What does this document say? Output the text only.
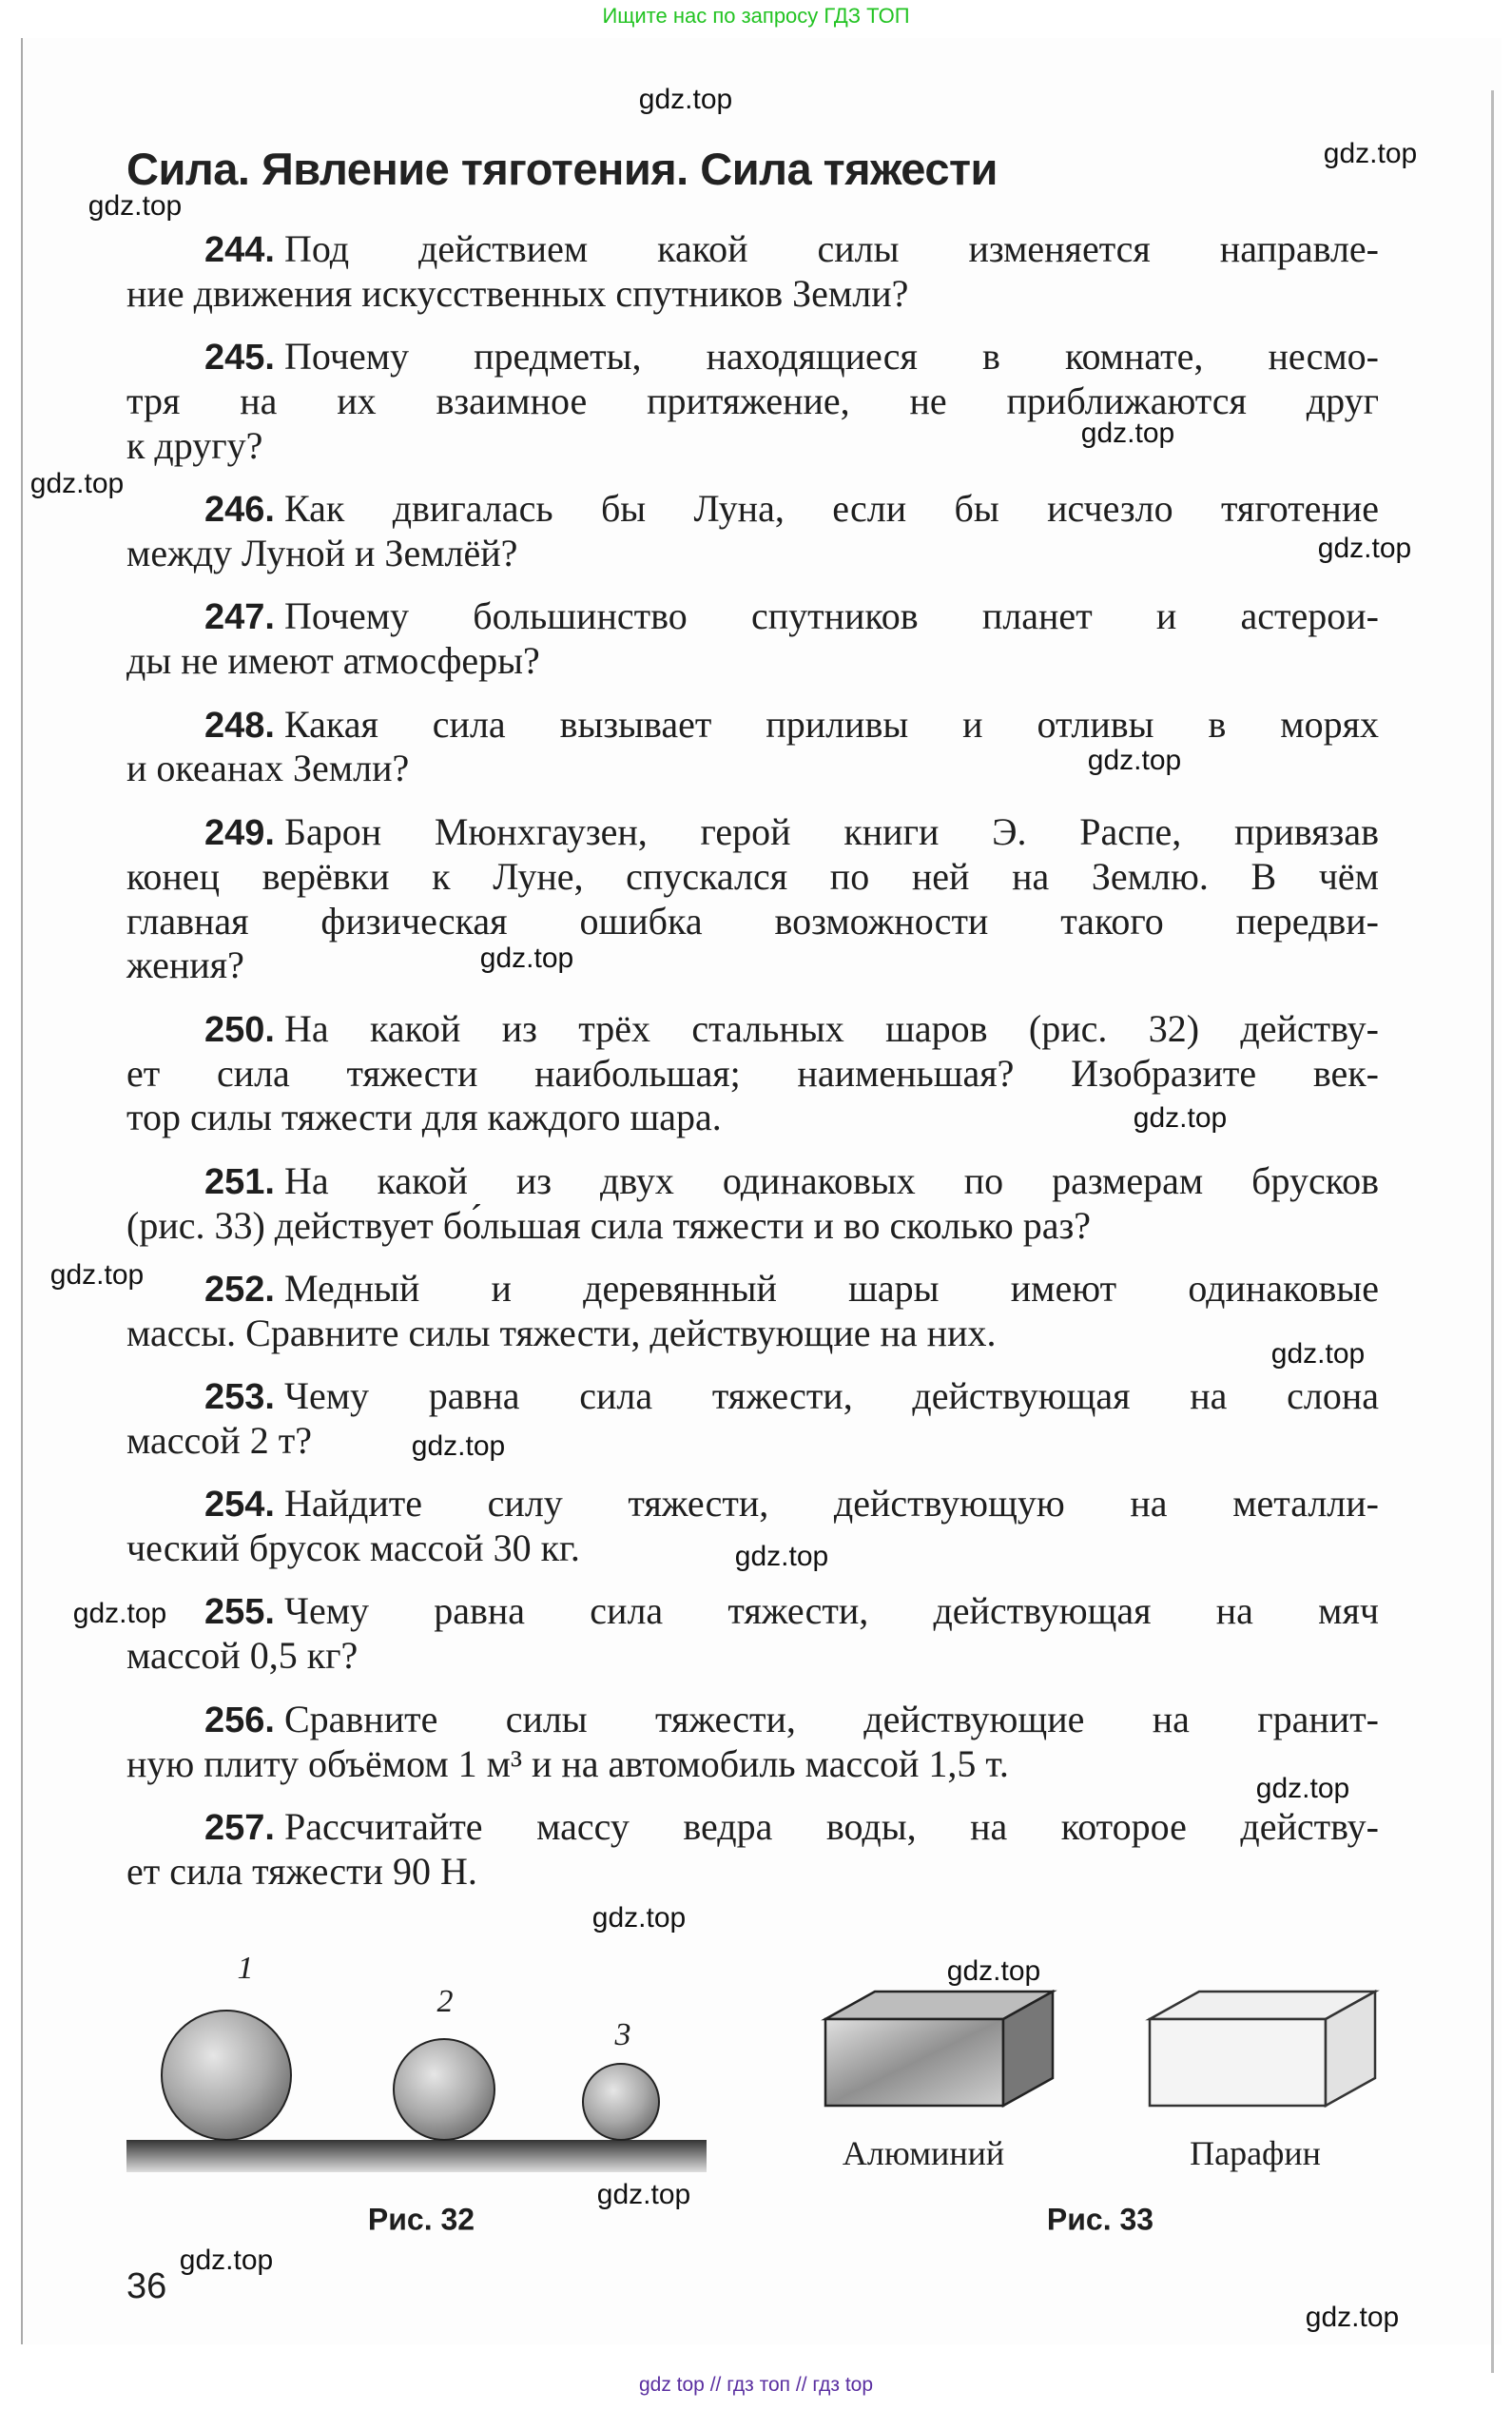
Ищите нас по запросу ГДЗ ТОП
Сила. Явление тяготения. Сила тяжести
244. Под действием какой силы изменяется направле-
ние движения искусственных спутников Земли?
245. Почему предметы, находящиеся в комнате, несмо-
тря на их взаимное притяжение, не приближаются друг
к другу?
246. Как двигалась бы Луна, если бы исчезло тяготение
между Луной и Землёй?
247. Почему большинство спутников планет и астерои-
ды не имеют атмосферы?
248. Какая сила вызывает приливы и отливы в морях
и океанах Земли?
249. Барон Мюнхгаузен, герой книги Э. Распе, привязав
конец верёвки к Луне, спускался по ней на Землю. В чём
главная физическая ошибка возможности такого передви-
жения?
250. На какой из трёх стальных шаров (рис. 32) действу-
ет сила тяжести наибольшая; наименьшая? Изобразите век-
тор силы тяжести для каждого шара.
251. На какой из двух одинаковых по размерам брусков
(рис. 33) действует бо́льшая сила тяжести и во сколько раз?
252. Медный и деревянный шары имеют одинаковые
массы. Сравните силы тяжести, действующие на них.
253. Чему равна сила тяжести, действующая на слона
массой 2 т?
254. Найдите силу тяжести, действующую на металли-
ческий брусок массой 30 кг.
255. Чему равна сила тяжести, действующая на мяч
массой 0,5 кг?
256. Сравните силы тяжести, действующие на гранит-
ную плиту объёмом 1 м³ и на автомобиль массой 1,5 т.
257. Рассчитайте массу ведра воды, на которое действу-
ет сила тяжести 90 Н.
1
2
3
Рис. 32
Алюминий	Парафин
Рис. 33
36
gdz.top
gdz.top
gdz.top
gdz.top
gdz.top
gdz.top
gdz.top
gdz.top
gdz.top
gdz.top
gdz.top
gdz.top
gdz.top
gdz.top
gdz.top
gdz.top
gdz.top
gdz.top
gdz.top
gdz.top
gdz top // гдз топ // гдз top
